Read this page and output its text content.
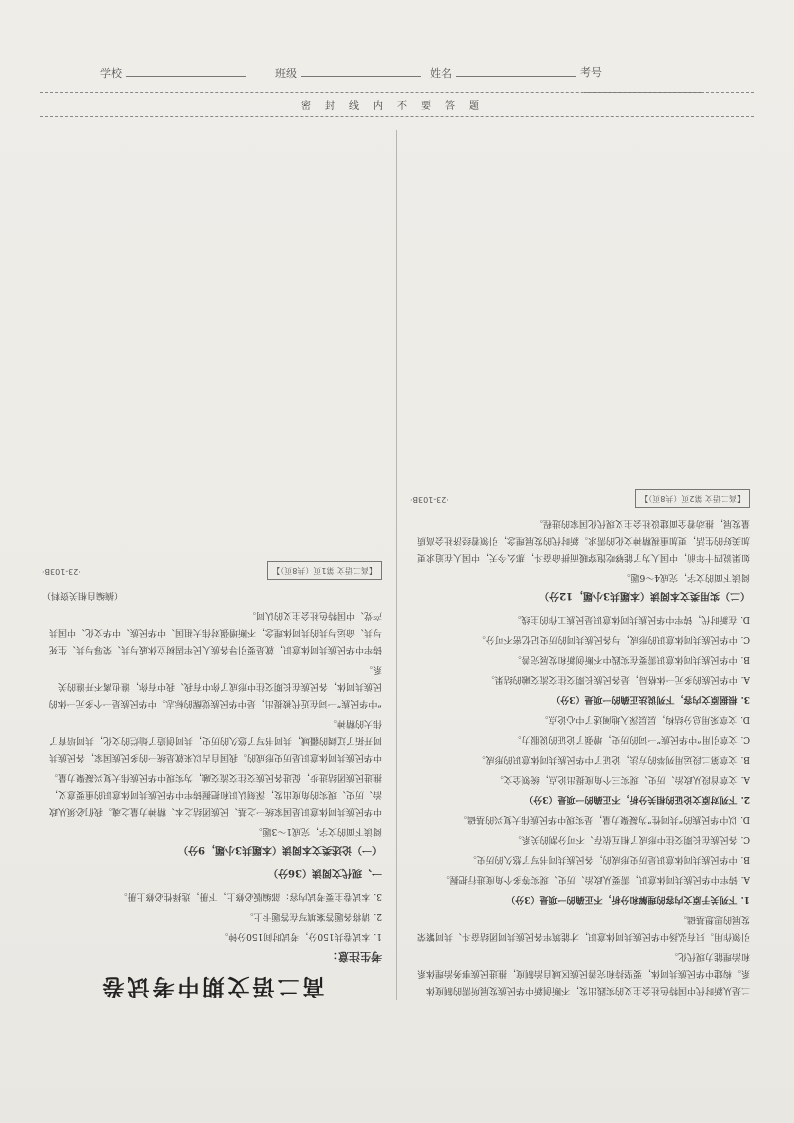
学校	班级	姓名	考号
密封线内不要答题
高二语文期中考试卷
考生注意：
1. 本试卷共150分，考试时间150分钟。
2. 请将各题答案填写在答题卡上。
3. 本试卷主要考试内容：部编版必修上，下册，选择性必修上册。
一、现代文阅读（36分）
（一）论述类文本阅读（本题共3小题，9分）
阅读下面的文字，完成1～3题。
中华民族共同体意识是国家统一之基、民族团结之本、精神力量之魂。我们必须从政治、历史、现实的角度出发，深刻认识和把握铸牢中华民族共同体意识的重要意义，推进民族团结进步，促进各民族交往交流交融，为实现中华民族伟大复兴凝聚力量。
中华民族共同体意识是历史形成的。我国自古以来就是统一的多民族国家，各民族共同开拓了辽阔的疆域，共同书写了悠久的历史，共同创造了灿烂的文化，共同培育了伟大的精神。
“中华民族”一词在近代被提出，是中华民族觉醒的标志。中华民族是一个多元一体的民族共同体，各民族在长期交往中形成了你中有我、我中有你，谁也离不开谁的关系。
铸牢中华民族共同体意识，就是要引导各族人民牢固树立休戚与共、荣辱与共、生死与共、命运与共的共同体理念，不断增强对伟大祖国、中华民族、中华文化、中国共产党、中国特色社会主义的认同。
（摘编自相关资料）
【高二语文 第1页（共8页）】
·23-103B·
二是从新时代中国特色社会主义的实践出发，不断创新中华民族发展所需的制度体系。构建中华民族共同体，要坚持和完善民族区域自治制度，推进民族事务治理体系和治理能力现代化。
引领作用。只有弘扬中华民族共同体意识，才能筑牢各民族共同团结奋斗、共同繁荣发展的思想基础。
1. 下列关于原文内容的理解和分析，不正确的一项是（3分）
A. 铸牢中华民族共同体意识，需要从政治、历史、现实等多个角度进行把握。
B. 中华民族共同体意识是历史形成的，各民族共同书写了悠久的历史。
C. 各民族在长期交往中形成了相互依存、不可分割的关系。
D. 以中华民族的“共同性”为凝聚力量，是实现中华民族伟大复兴的基础。
2. 下列对原文论证的相关分析，不正确的一项是（3分）
A. 文章首段从政治、历史、现实三个角度提出论点，统领全文。
B. 文章第二段运用列举的方法，论证了中华民族共同体意识的形成。
C. 文章引用“中华民族”一词的历史，增强了论证的说服力。
D. 文章采用总分结构，层层深入地阐述了中心论点。
3. 根据原文内容，下列说法正确的一项是（3分）
A. 中华民族的多元一体格局，是各民族长期交往交流交融的结果。
B. 中华民族共同体意识需要在实践中不断创新和发展完善。
C. 中华民族共同体意识的形成，与各民族共同的历史记忆密不可分。
D. 在新时代，铸牢中华民族共同体意识是民族工作的主线。
（二）实用类文本阅读（本题共3小题，12分）
阅读下面的文字，完成4～6题。
如果说四十年前，中国人为了能够吃饱穿暖而拼命奋斗，那么今天，中国人在追求更加美好的生活，更加重视精神文化的需求。新时代的发展理念，引领着经济社会高质量发展，推动着全面建设社会主义现代化国家的进程。
【高二语文 第2页（共8页）】
·23-103B·
